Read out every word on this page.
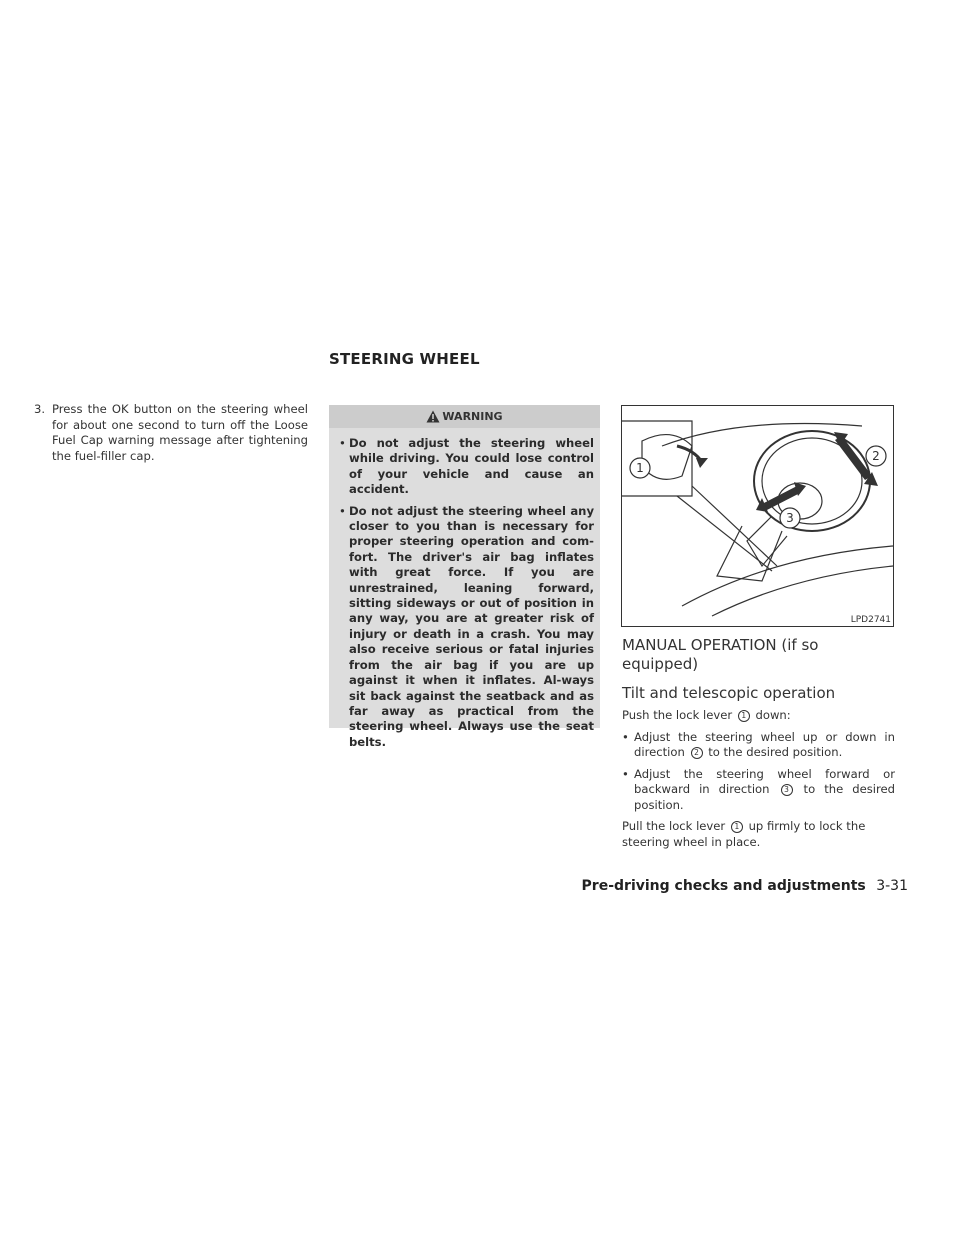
STEERING WHEEL
3. Press the OK button on the steering wheel for about one second to turn off the Loose Fuel Cap warning message after tightening the fuel-filler cap.
WARNING
• Do not adjust the steering wheel while driving. You could lose control of your vehicle and cause an accident.
• Do not adjust the steering wheel any closer to you than is necessary for proper steering operation and com-fort. The driver's air bag inflates with great force. If you are unrestrained, leaning forward, sitting sideways or out of position in any way, you are at greater risk of injury or death in a crash. You may also receive serious or fatal injuries from the air bag if you are up against it when it inflates. Al-ways sit back against the seatback and as far away as practical from the steering wheel. Always use the seat belts.
1
2
3
LPD2741
MANUAL OPERATION (if so equipped)
Tilt and telescopic operation

Push the lock lever 1 down:

• Adjust the steering wheel up or down in direction 2 to the desired position.
• Adjust the steering wheel forward or backward in direction 3 to the desired position.

Pull the lock lever 1 up firmly to lock the steering wheel in place.

Pre-driving checks and adjustments 3-31
